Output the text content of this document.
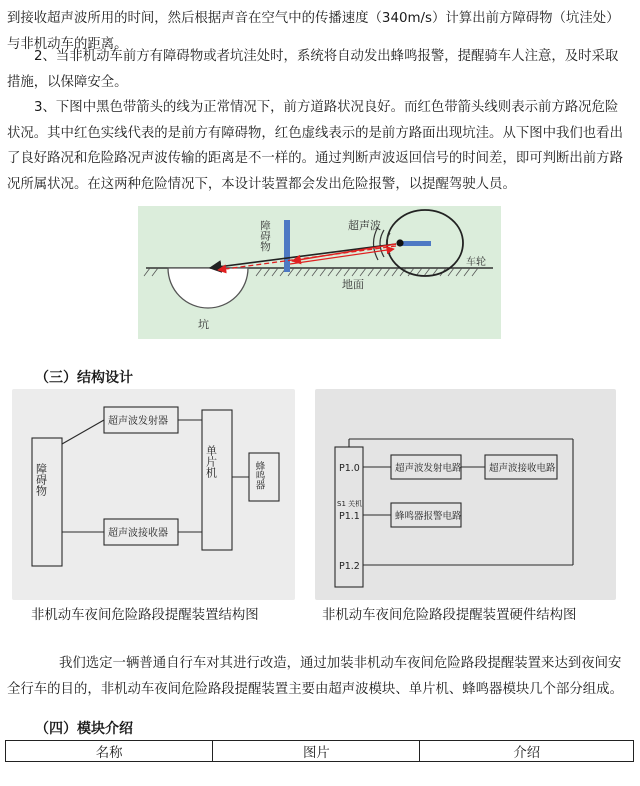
到接收超声波所用的时间，然后根据声音在空气中的传播速度（340m/s）计算出前方障碍物（坑洼处）与非机动车的距离。

2、当非机动车前方有障碍物或者坑洼处时，系统将自动发出蜂鸣报警，提醒骑车人注意，及时采取措施，以保障安全。

3、下图中黑色带箭头的线为正常情况下，前方道路状况良好。而红色带箭头线则表示前方路况危险状况。其中红色实线代表的是前方有障碍物，红色虚线表示的是前方路面出现坑洼。从下图中我们也看出了良好路况和危险路况声波传输的距离是不一样的。通过判断声波返回信号的时间差，即可判断出前方路况所属状况。在这两种危险情况下，本设计装置都会发出危险报警，以提醒驾驶人员。

障碍物	超声波
车轮
地面
坑

（三）结构设计

障碍物
超声波发射器
超声波接收器
单片机	蜂鸣器	P1.0
S1 关机
P1.1
P1.2
超声波发射电路	超声波接收电路
蜂鸣器报警电路
非机动车夜间危险路段提醒装置结构图	非机动车夜间危险路段提醒装置硬件结构图

我们选定一辆普通自行车对其进行改造，通过加装非机动车夜间危险路段提醒装置来达到夜间安全行车的目的，非机动车夜间危险路段提醒装置主要由超声波模块、单片机、蜂鸣器模块几个部分组成。

（四）模块介绍

名称	图片	介绍
